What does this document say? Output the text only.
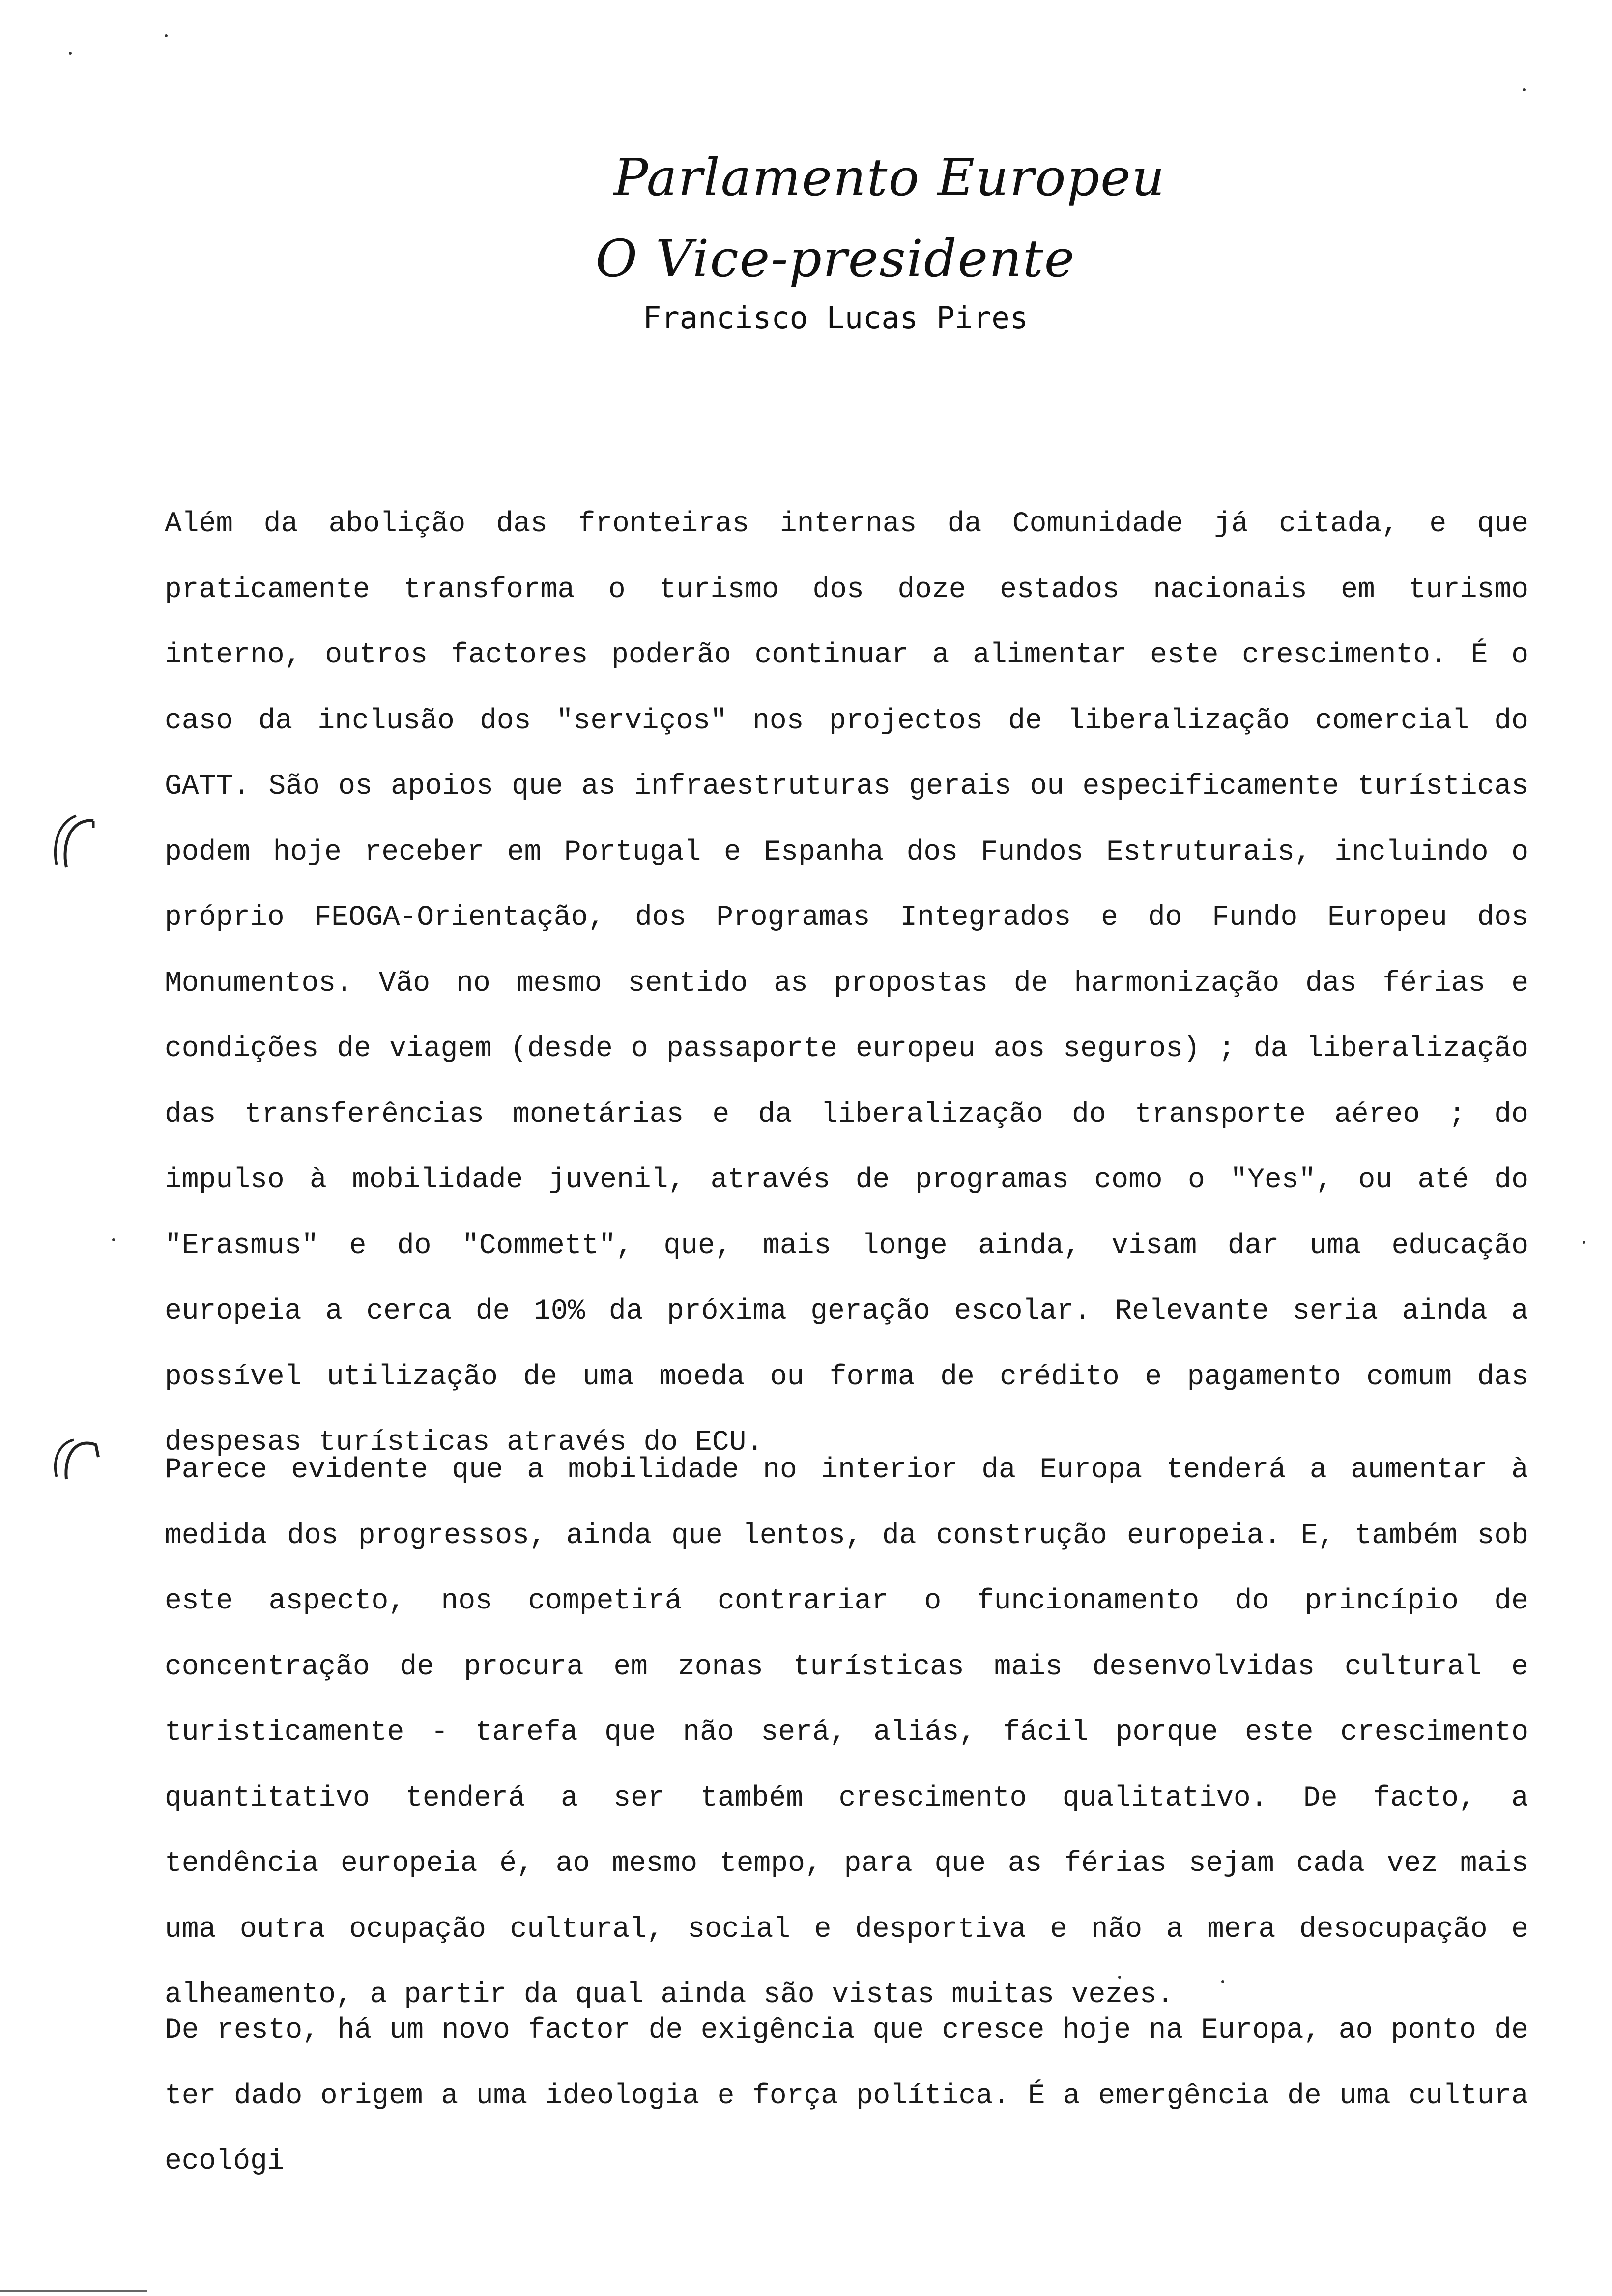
Parlamento Europeu
O Vice-presidente
Francisco Lucas Pires

Além da abolição das fronteiras internas da Comunidade já citada, e que praticamente transforma o turismo dos doze estados nacionais em turismo interno, outros factores poderão continuar a alimentar este crescimento. É o caso da inclusão dos "serviços" nos projectos de liberalização comercial do GATT. São os apoios que as infraestruturas gerais ou especificamente turísticas podem hoje receber em Portugal e Espanha dos Fundos Estruturais, incluindo o próprio FEOGA-Orientação, dos Programas Integrados e do Fundo Europeu dos Monumentos. Vão no mesmo sentido as propostas de harmonização das férias e condições de viagem (desde o passaporte europeu aos seguros) ; da liberalização das transferências monetárias e da liberalização do transporte aéreo ; do impulso à mobilidade juvenil, através de programas como o "Yes", ou até do "Erasmus" e do "Commett", que, mais longe ainda, visam dar uma educação europeia a cerca de 10% da próxima geração escolar. Relevante seria ainda a possível utilização de uma moeda ou forma de crédito e pagamento comum das despesas turísticas através do ECU.

Parece evidente que a mobilidade no interior da Europa tenderá a aumentar à medida dos progressos, ainda que lentos, da construção europeia. E, também sob este aspecto, nos competirá contrariar o funcionamento do princípio de concentração de procura em zonas turísticas mais desenvolvidas cultural e turisticamente - tarefa que não será, aliás, fácil porque este crescimento quantitativo tenderá a ser também crescimento qualitativo. De facto, a tendência europeia é, ao mesmo tempo, para que as férias sejam cada vez mais uma outra ocupação cultural, social e desportiva e não a mera desocupação e alheamento, a partir da qual ainda são vistas muitas vezes.

De resto, há um novo factor de exigência que cresce hoje na Europa, ao ponto de ter dado origem a uma ideologia e força política. É a emergência de uma cultura ecológi
